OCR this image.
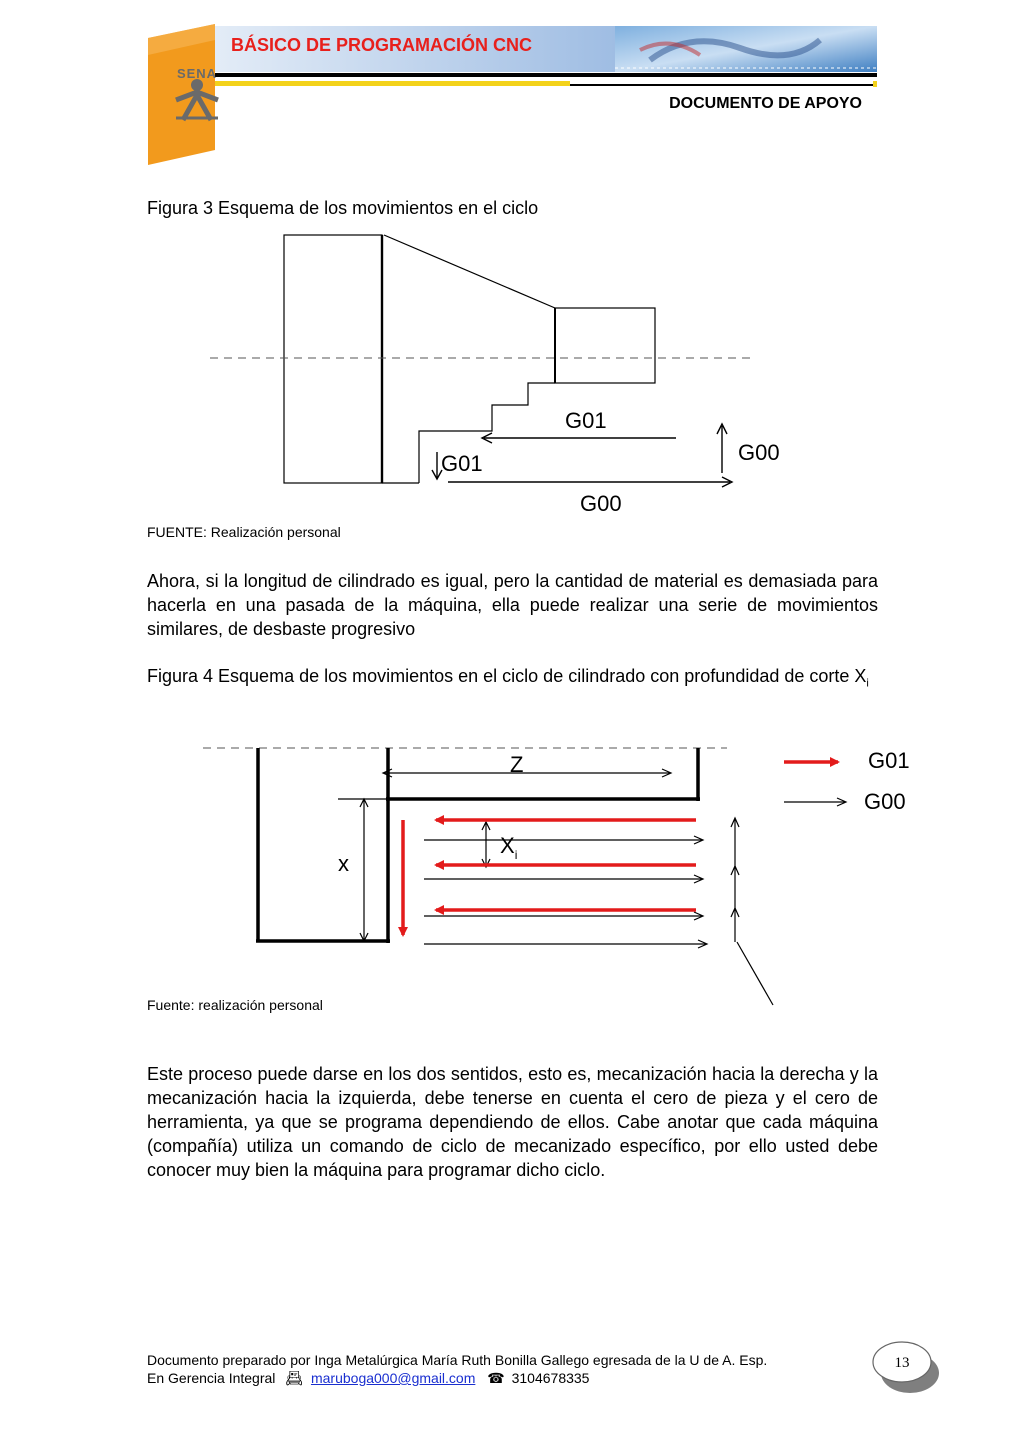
SENA
BÁSICO DE PROGRAMACIÓN CNC
DOCUMENTO DE APOYO
Figura 3 Esquema de los movimientos en el ciclo
G01
G00
G01
G00
FUENTE: Realización personal
Ahora, si la longitud de cilindrado es igual, pero la cantidad de material es demasiada para hacerla en una pasada de la máquina, ella puede realizar una serie de movimientos similares, de desbaste progresivo
Figura 4 Esquema de los movimientos en el ciclo de cilindrado con profundidad de corte $X_i$
Z
x
$X_i$
G01
G00
Fuente: realización personal
Este proceso puede darse en los dos sentidos, esto es, mecanización hacia la derecha y la mecanización hacia la izquierda, debe tenerse en cuenta el cero de pieza y el cero de herramienta, ya que se programa dependiendo de ellos. Cabe anotar que cada máquina (compañía) utiliza un comando de ciclo de mecanizado específico, por ello usted debe conocer muy bien la máquina para programar dicho ciclo.
Documento preparado por Inga Metalúrgica María Ruth Bonilla Gallego egresada de la U de A. Esp.
En Gerencia Integral 📇︎ maruboga000@gmail.com ☎ 3104678335
13
